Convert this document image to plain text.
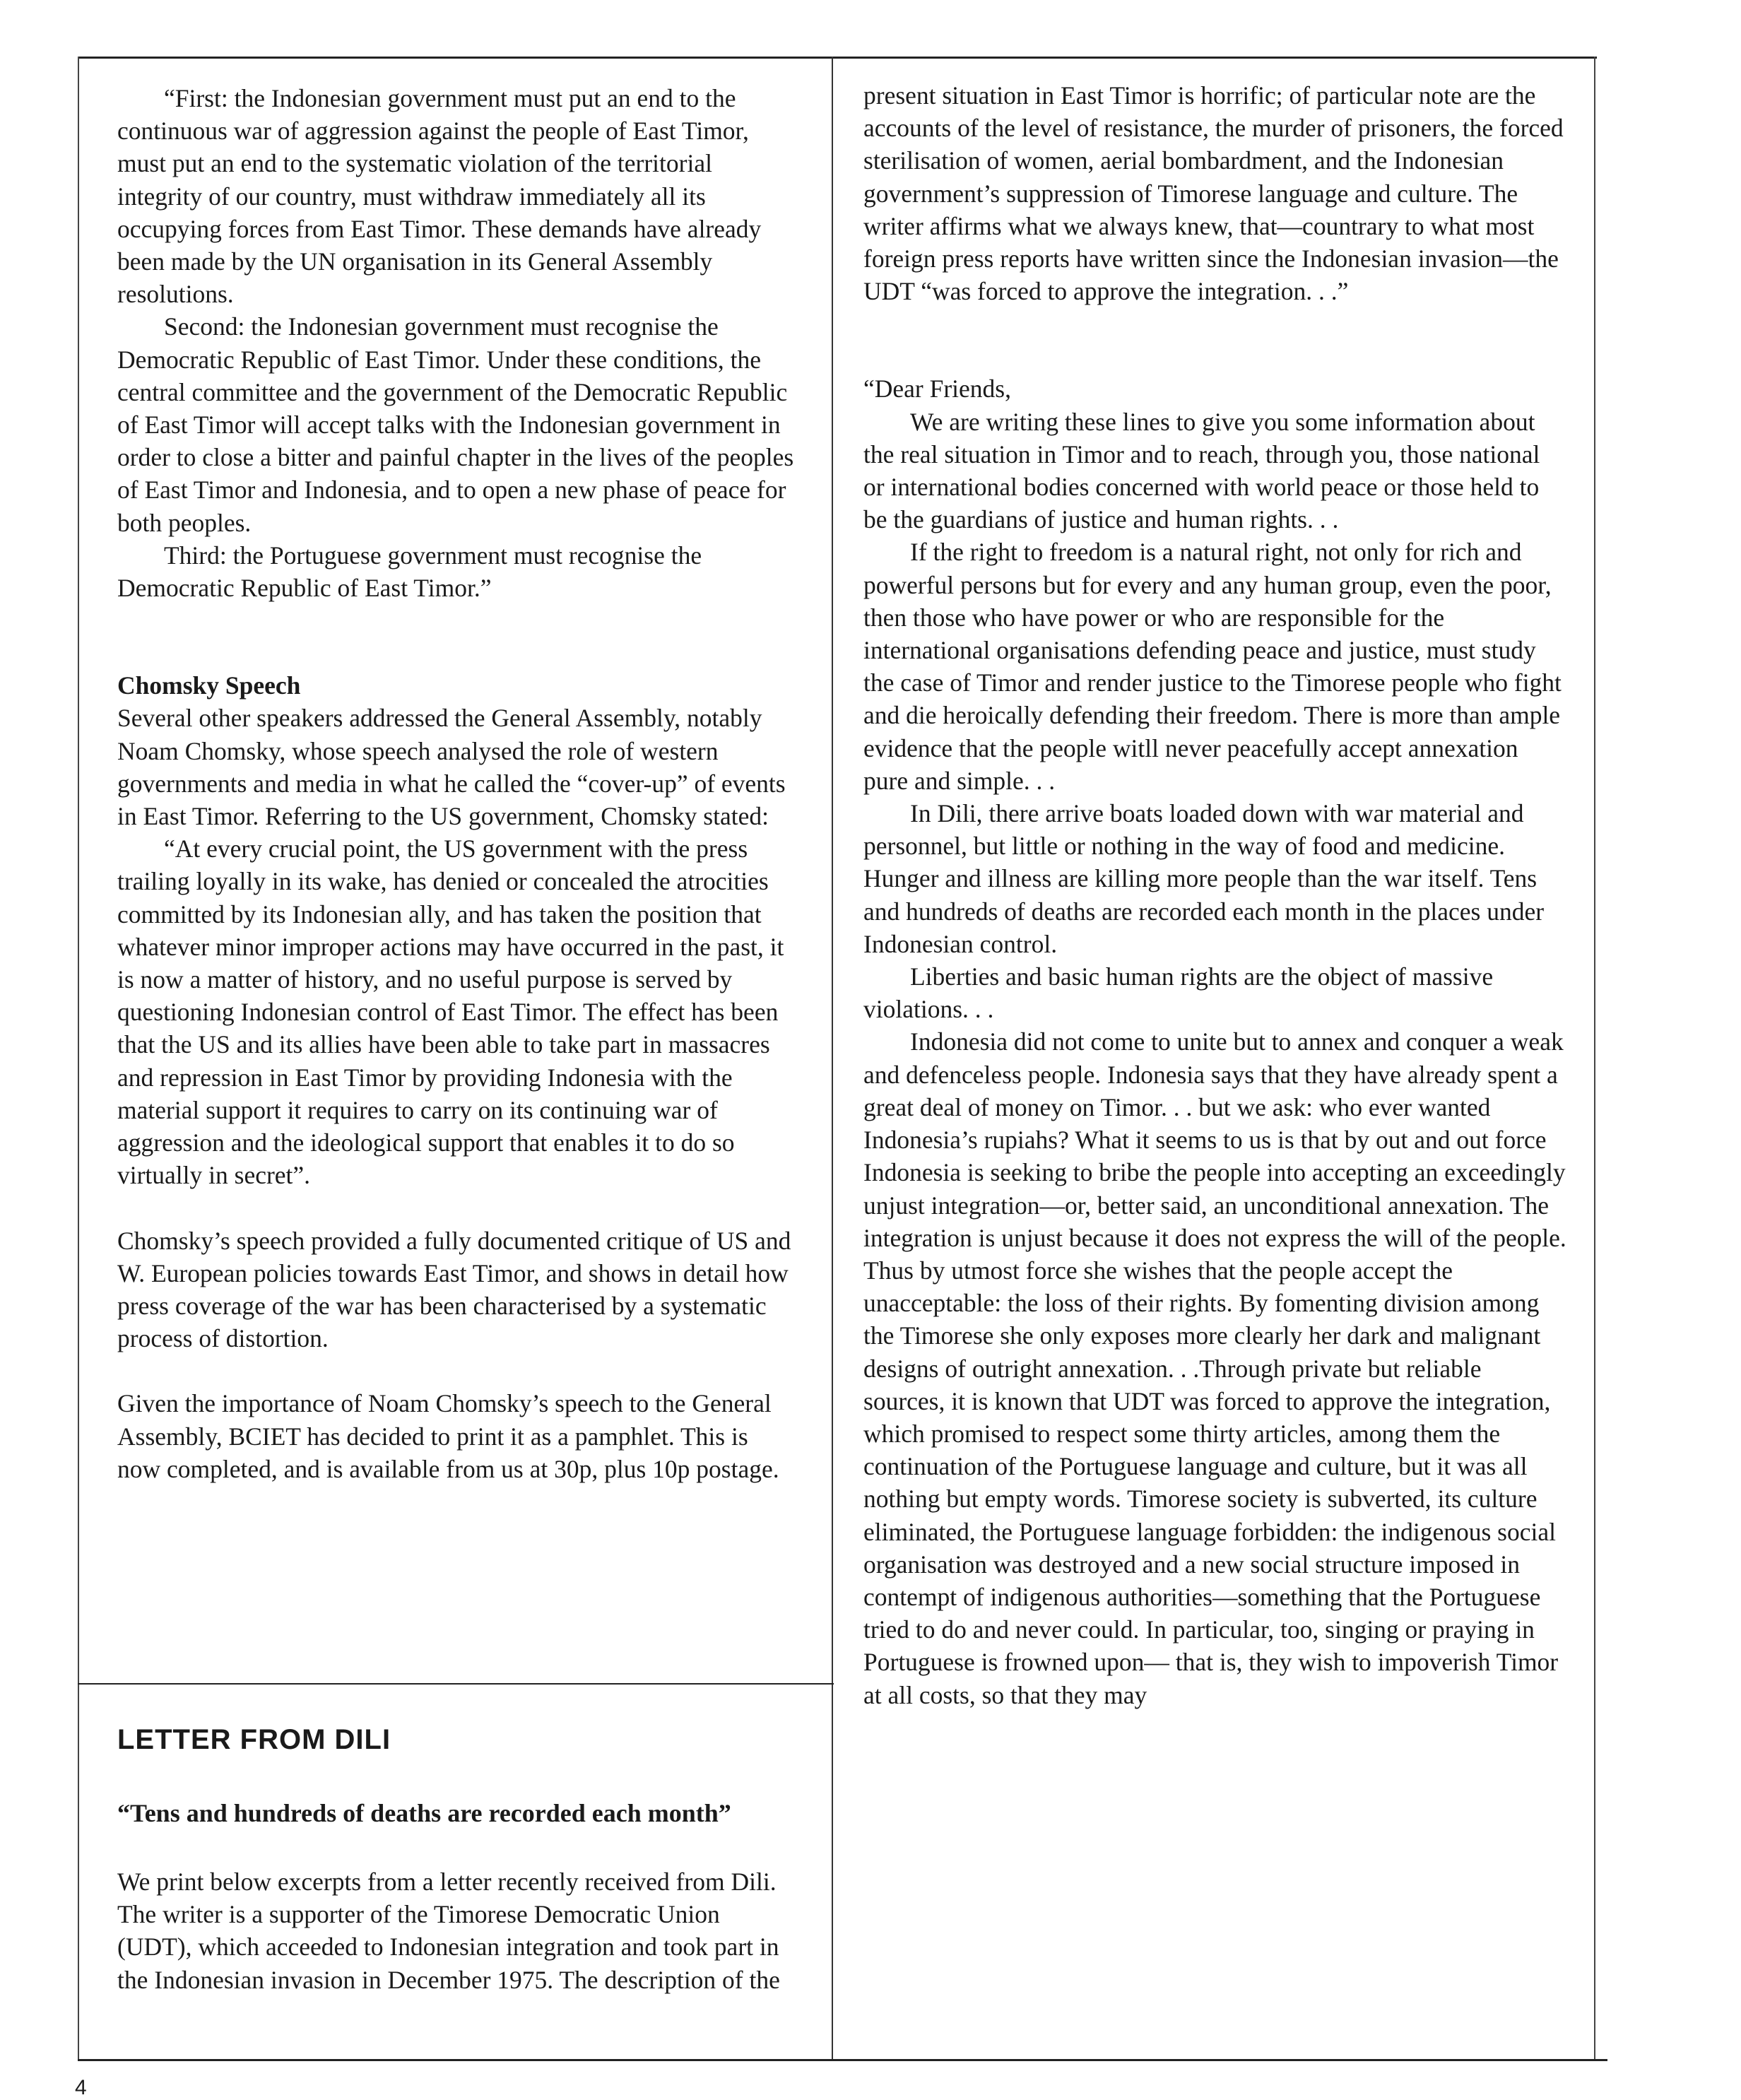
“First: the Indonesian government must put an end to the continuous war of aggression against the people of East Timor, must put an end to the systematic violation of the territorial integrity of our country, must withdraw immediately all its occupying forces from East Timor. These demands have already been made by the UN organisation in its General Assembly resolutions.

Second: the Indonesian government must recognise the Democratic Republic of East Timor. Under these conditions, the central committee and the government of the Democratic Republic of East Timor will accept talks with the Indonesian government in order to close a bitter and painful chapter in the lives of the peoples of East Timor and Indonesia, and to open a new phase of peace for both peoples.

Third: the Portuguese government must recognise the Democratic Republic of East Timor.”

Chomsky Speech

Several other speakers addressed the General Assembly, notably Noam Chomsky, whose speech analysed the role of western governments and media in what he called the “cover-up” of events in East Timor. Referring to the US government, Chomsky stated:

“At every crucial point, the US government with the press trailing loyally in its wake, has denied or concealed the atrocities committed by its Indonesian ally, and has taken the position that whatever minor improper actions may have occurred in the past, it is now a matter of history, and no useful purpose is served by questioning Indonesian control of East Timor. The effect has been that the US and its allies have been able to take part in massacres and repression in East Timor by providing Indonesia with the material support it requires to carry on its continuing war of aggression and the ideological support that enables it to do so virtually in secret”.

Chomsky’s speech provided a fully documented critique of US and W. European policies towards East Timor, and shows in detail how press coverage of the war has been characterised by a systematic process of distortion.

Given the importance of Noam Chomsky’s speech to the General Assembly, BCIET has decided to print it as a pamphlet. This is now completed, and is available from us at 30p, plus 10p postage.

LETTER FROM DILI
“Tens and hundreds of deaths are recorded each month”

We print below excerpts from a letter recently received from Dili. The writer is a supporter of the Timorese Democratic Union (UDT), which acceeded to Indonesian integration and took part in the Indonesian invasion in December 1975. The description of the

present situation in East Timor is horrific; of particular note are the accounts of the level of resistance, the murder of prisoners, the forced sterilisation of women, aerial bombardment, and the Indonesian government’s suppression of Timorese language and culture. The writer affirms what we always knew, that—countrary to what most foreign press reports have written since the Indonesian invasion—the UDT “was forced to approve the integration. . .”

“Dear Friends,

We are writing these lines to give you some information about the real situation in Timor and to reach, through you, those national or international bodies concerned with world peace or those held to be the guardians of justice and human rights. . .

If the right to freedom is a natural right, not only for rich and powerful persons but for every and any human group, even the poor, then those who have power or who are responsible for the international organisations defending peace and justice, must study the case of Timor and render justice to the Timorese people who fight and die heroically defending their freedom. There is more than ample evidence that the people witll never peacefully accept annexation pure and simple. . .

In Dili, there arrive boats loaded down with war material and personnel, but little or nothing in the way of food and medicine. Hunger and illness are killing more people than the war itself. Tens and hundreds of deaths are recorded each month in the places under Indonesian control.

Liberties and basic human rights are the object of massive violations. . .

Indonesia did not come to unite but to annex and conquer a weak and defenceless people. Indonesia says that they have already spent a great deal of money on Timor. . . but we ask: who ever wanted Indonesia’s rupiahs? What it seems to us is that by out and out force Indonesia is seeking to bribe the people into accepting an exceedingly unjust integration—or, better said, an unconditional annexation. The integration is unjust because it does not express the will of the people. Thus by utmost force she wishes that the people accept the unacceptable: the loss of their rights. By fomenting division among the Timorese she only exposes more clearly her dark and malignant designs of outright annexation. . .Through private but reliable sources, it is known that UDT was forced to approve the integration, which promised to respect some thirty articles, among them the continuation of the Portuguese language and culture, but it was all nothing but empty words. Timorese society is subverted, its culture eliminated, the Portuguese language forbidden: the indigenous social organisation was destroyed and a new social structure imposed in contempt of indigenous authorities—something that the Portuguese tried to do and never could. In particular, too, singing or praying in Portuguese is frowned upon— that is, they wish to impoverish Timor at all costs, so that they may

4
